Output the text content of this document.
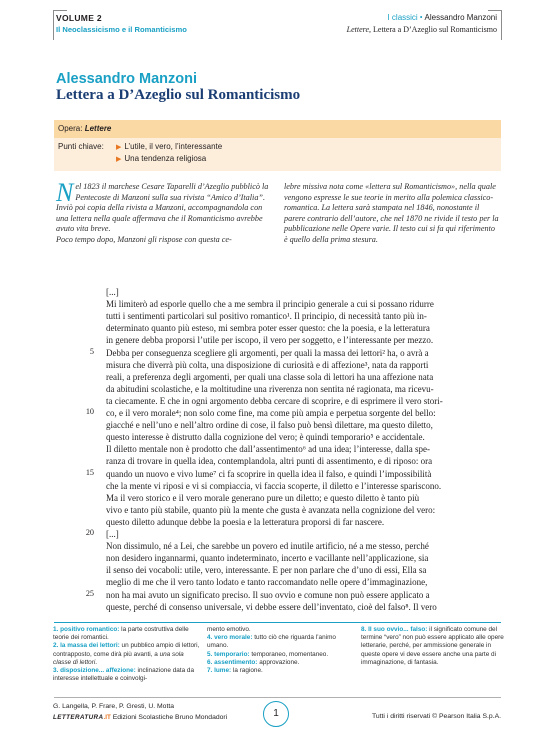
VOLUME 2
Il Neoclassicismo e il Romanticismo
I classici • Alessandro Manzoni
Lettere, Lettera a D’Azeglio sul Romanticismo
Alessandro Manzoni
Lettera a D’Azeglio sul Romanticismo
Opera: Lettere
Punti chiave: ▶ L’utile, il vero, l’interessante
▶ Una tendenza religiosa
Nel 1823 il marchese Cesare Taparelli d’Azeglio pubblicò la Pentecoste di Manzoni sulla sua rivista “Amico d’Italia”. Inviò poi copia della rivista a Manzoni, accompagnandola con una lettera nella quale affermava che il Romanticismo avrebbe avuto vita breve.
Poco tempo dopo, Manzoni gli rispose con questa ce-
lebre missiva nota come «lettera sul Romanticismo», nella quale vengono espresse le sue teorie in merito alla polemica classico-romantica. La lettera sarà stampata nel 1846, nonostante il parere contrario dell’autore, che nel 1870 ne rivide il testo per la pubblicazione nelle Opere varie. Il testo cui si fa qui riferimento è quello della prima stesura.
[...]
Mi limiterò ad esporle quello che a me sembra il principio generale a cui si possano ridurre
tutti i sentimenti particolari sul positivo romantico¹. Il principio, di necessità tanto più in-
determinato quanto più esteso, mi sembra poter esser questo: che la poesia, e la letteratura
in genere debba proporsi l’utile per iscopo, il vero per soggetto, e l’interessante per mezzo.
Debba per conseguenza scegliere gli argomenti, per quali la massa dei lettori² ha, o avrà a
misura che diverrà più colta, una disposizione di curiosità e di affezione³, nata da rapporti
reali, a preferenza degli argomenti, per quali una classe sola di lettori ha una affezione nata
da abitudini scolastiche, e la moltitudine una riverenza non sentita né ragionata, ma ricevu-
ta ciecamente. E che in ogni argomento debba cercare di scoprire, e di esprimere il vero stori-
co, e il vero morale⁴; non solo come fine, ma come più ampia e perpetua sorgente del bello:
giacché e nell’uno e nell’altro ordine di cose, il falso può bensì dilettare, ma questo diletto,
questo interesse è distrutto dalla cognizione del vero; è quindi temporario⁵ e accidentale.
Il diletto mentale non è prodotto che dall’assentimento⁶ ad una idea; l’interesse, dalla spe-
ranza di trovare in quella idea, contemplandola, altri punti di assentimento, e di riposo: ora
quando un nuovo e vivo lume⁷ ci fa scoprire in quella idea il falso, e quindi l’impossibilità
che la mente vi riposi e vi si compiaccia, vi faccia scoperte, il diletto e l’interesse spariscono.
Ma il vero storico e il vero morale generano pure un diletto; e questo diletto è tanto più
vivo e tanto più stabile, quanto più la mente che gusta è avanzata nella cognizione del vero:
questo diletto adunque debbe la poesia e la letteratura proporsi di far nascere.
[...]
Non dissimulo, né a Lei, che sarebbe un povero ed inutile artificio, né a me stesso, perché
non desidero ingannarmi, quanto indeterminato, incerto e vacillante nell’applicazione, sia
il senso dei vocaboli: utile, vero, interessante. E per non parlare che d’uno di essi, Ella sa
meglio di me che il vero tanto lodato e tanto raccomandato nelle opere d’immaginazione,
non ha mai avuto un significato preciso. Il suo ovvio e comune non può essere applicato a
queste, perché di consenso universale, vi debbe essere dell’inventato, cioè del falso⁸. Il vero
5
10
15
20
25
1. positivo romantico: la parte costruttiva delle teorie dei romantici.
2. la massa dei lettori: un pubblico ampio di lettori, contrapposto, come dirà più avanti, a una sola classe di lettori.
3. disposizione... affezione: inclinazione data da interesse intellettuale e coinvolgi-
mento emotivo.
4. vero morale: tutto ciò che riguarda l’animo umano.
5. temporario: temporaneo, momentaneo.
6. assentimento: approvazione.
7. lume: la ragione.
8. Il suo ovvio... falso: il significato comune del termine “vero” non può essere applicato alle opere letterarie, perché, per ammissione generale in queste opere vi deve essere anche una parte di immaginazione, di fantasia.
G. Langella, P. Frare, P. Gresti, U. Motta
LETTERATURA.IT Edizioni Scolastiche Bruno Mondadori	1	Tutti i diritti riservati © Pearson Italia S.p.A.
